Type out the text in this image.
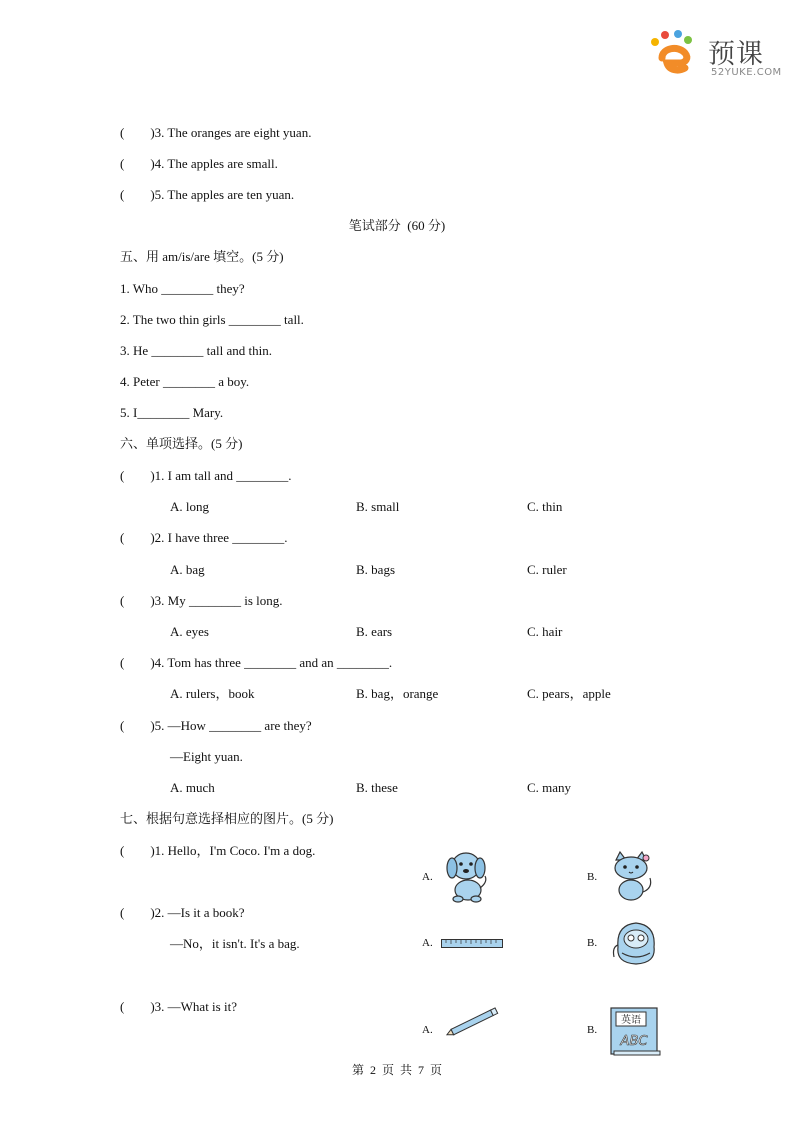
预课
52YUKE.COM
(        )3. The oranges are eight yuan.
(        )4. The apples are small.
(        )5. The apples are ten yuan.
笔试部分  (60 分)
五、用 am/is/are 填空。(5 分)
1. Who ________ they?
2. The two thin girls ________ tall.
3. He ________ tall and thin.
4. Peter ________ a boy.
5. I________ Mary.
六、单项选择。(5 分)
(        )1. I am tall and ________.
A. long	B. small	C. thin
(        )2. I have three ________.
A. bag	B. bags	C. ruler
(        )3. My ________ is long.
A. eyes	B. ears	C. hair
(        )4. Tom has three ________ and an ________.
A. rulers，book	B. bag，orange	C. pears，apple
(        )5. —How ________ are they?
—Eight yuan.
A. much	B. these	C. many
七、根据句意选择相应的图片。(5 分)
(        )1. Hello，I'm Coco. I'm a dog.
A.	B.
(        )2. —Is it a book?
—No，it isn't. It's a bag.	A.	B.
(        )3. —What is it?
A.	B.
英语
ABC
第  2  页  共  7  页
